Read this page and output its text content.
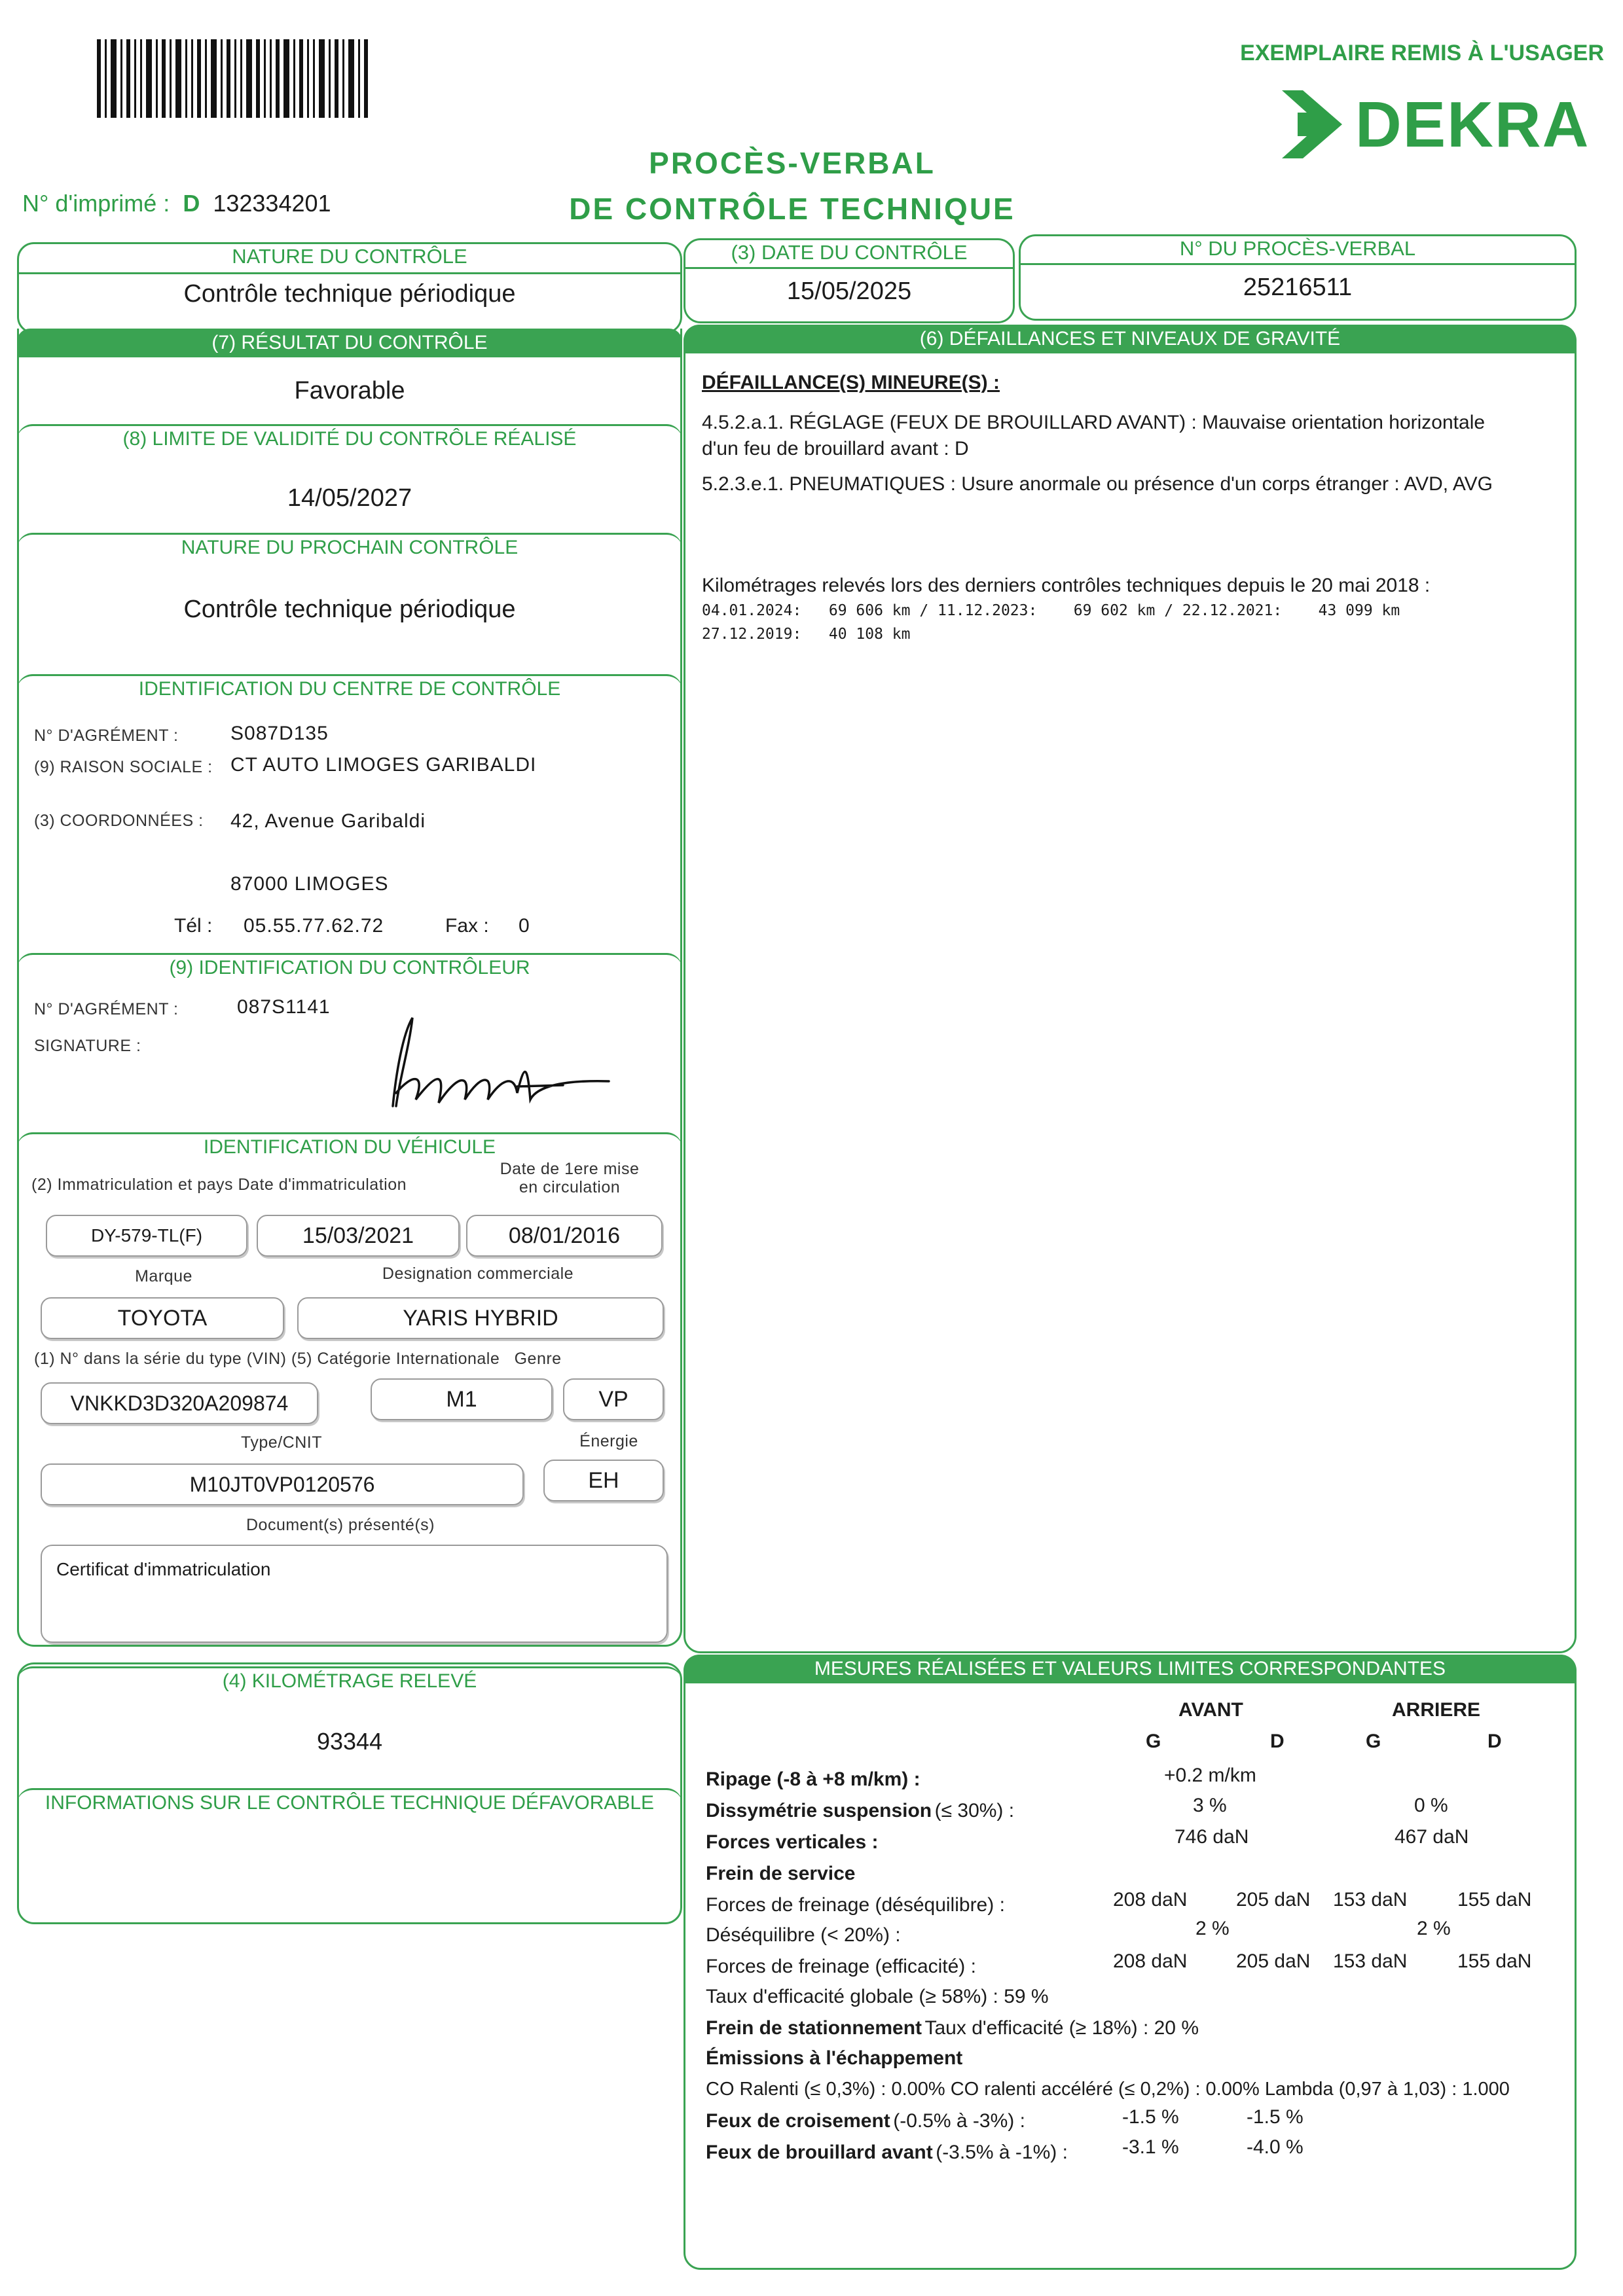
EXEMPLAIRE REMIS À L'USAGER
DEKRA
PROCÈS-VERBAL
DE CONTRÔLE TECHNIQUE
N° d'imprimé : D 132334201
NATURE DU CONTRÔLE
Contrôle technique périodique
(3) DATE DU CONTRÔLE
15/05/2025
N° DU PROCÈS-VERBAL
25216511
(7) RÉSULTAT DU CONTRÔLE
Favorable
(8) LIMITE DE VALIDITÉ DU CONTRÔLE RÉALISÉ
14/05/2027
NATURE DU PROCHAIN CONTRÔLE
Contrôle technique périodique
IDENTIFICATION DU CENTRE DE CONTRÔLE
N° D'AGRÉMENT :	S087D135
(9) RAISON SOCIALE : CT AUTO LIMOGES GARIBALDI
(3) COORDONNÉES : 42, Avenue Garibaldi
87000 LIMOGES
Tél : 05.55.77.62.72	Fax : 0
(9) IDENTIFICATION DU CONTRÔLEUR
N° D'AGRÉMENT :	087S1141
SIGNATURE :
IDENTIFICATION DU VÉHICULE
(2) Immatriculation et pays Date d'immatriculation
Date de 1ere mise
en circulation
DY-579-TL(F)	15/03/2021	08/01/2016
Marque	Designation commerciale
TOYOTA	YARIS HYBRID
(1) N° dans la série du type (VIN) (5) Catégorie Internationale   Genre
VNKKD3D320A209874	M1	VP
Type/CNIT	Énergie
M10JT0VP0120576	EH
Document(s) présenté(s)
Certificat d'immatriculation
(4) KILOMÉTRAGE RELEVÉ
93344
INFORMATIONS SUR LE CONTRÔLE TECHNIQUE DÉFAVORABLE
(6) DÉFAILLANCES ET NIVEAUX DE GRAVITÉ
DÉFAILLANCE(S) MINEURE(S) :
4.5.2.a.1. RÉGLAGE (FEUX DE BROUILLARD AVANT) : Mauvaise orientation horizontale d'un feu de brouillard avant : D
5.2.3.e.1. PNEUMATIQUES : Usure anormale ou présence d'un corps étranger : AVD, AVG
Kilométrages relevés lors des derniers contrôles techniques depuis le 20 mai 2018 :
04.01.2024:   69 606 km / 11.12.2023:    69 602 km / 22.12.2021:    43 099 km
27.12.2019:   40 108 km
MESURES RÉALISÉES ET VALEURS LIMITES CORRESPONDANTES
AVANT	ARRIERE
G	D	G	D
Ripage (-8 à +8 m/km) :	+0.2 m/km
Dissymétrie suspension (≤ 30%) :	3 %	0 %
Forces verticales :	746 daN	467 daN
Frein de service
Forces de freinage (déséquilibre) :	208 daN 205 daN 153 daN	155 daN
Déséquilibre (< 20%) :	2 %	2 %
Forces de freinage (efficacité) :	208 daN 205 daN 153 daN	155 daN
Taux d'efficacité globale (≥ 58%) : 59 %
Frein de stationnement Taux d'efficacité (≥ 18%) : 20 %
Émissions à l'échappement
CO Ralenti (≤ 0,3%) : 0.00% CO ralenti accéléré (≤ 0,2%) : 0.00% Lambda (0,97 à 1,03) : 1.000
Feux de croisement (-0.5% à -3%) :	-1.5 %	-1.5 %
Feux de brouillard avant (-3.5% à -1%) :	-3.1 %	-4.0 %
